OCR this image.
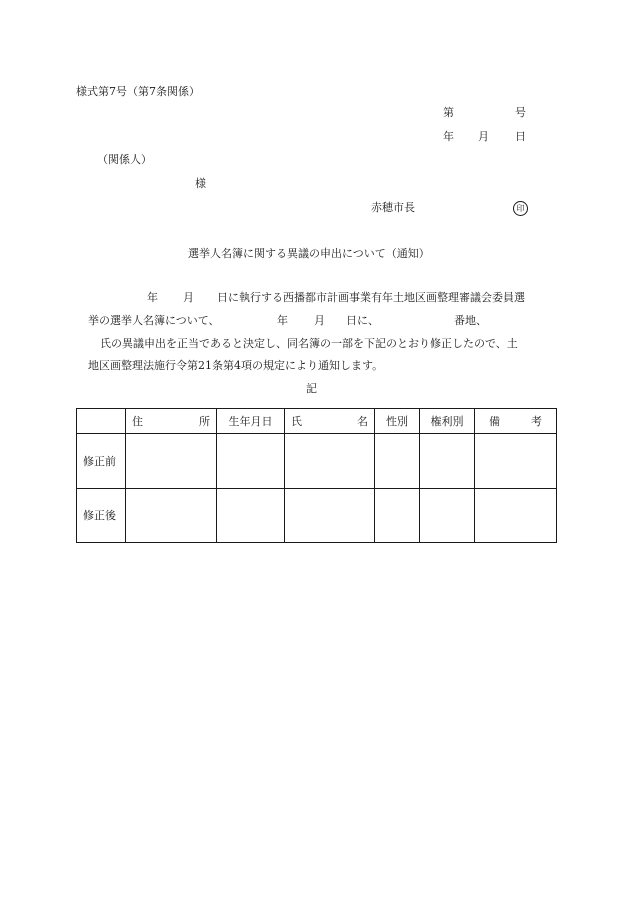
様式第7号（第7条関係）
第	号
年 月 日
（関係人）
様
赤穂市長	印
選挙人名簿に関する異議の申出について（通知）
年 月 日に執行する西播都市計画事業有年土地区画整理審議会委員選
挙の選挙人名簿について、	年 月 日に、	番地、
氏の異議申出を正当であると決定し、同名簿の一部を下記のとおり修正したので、土
地区画整理法施行令第21条第4項の規定により通知します。
記

	住 所	生年月日	氏 名	性別	権利別	備 考

修正前						
修正後						
